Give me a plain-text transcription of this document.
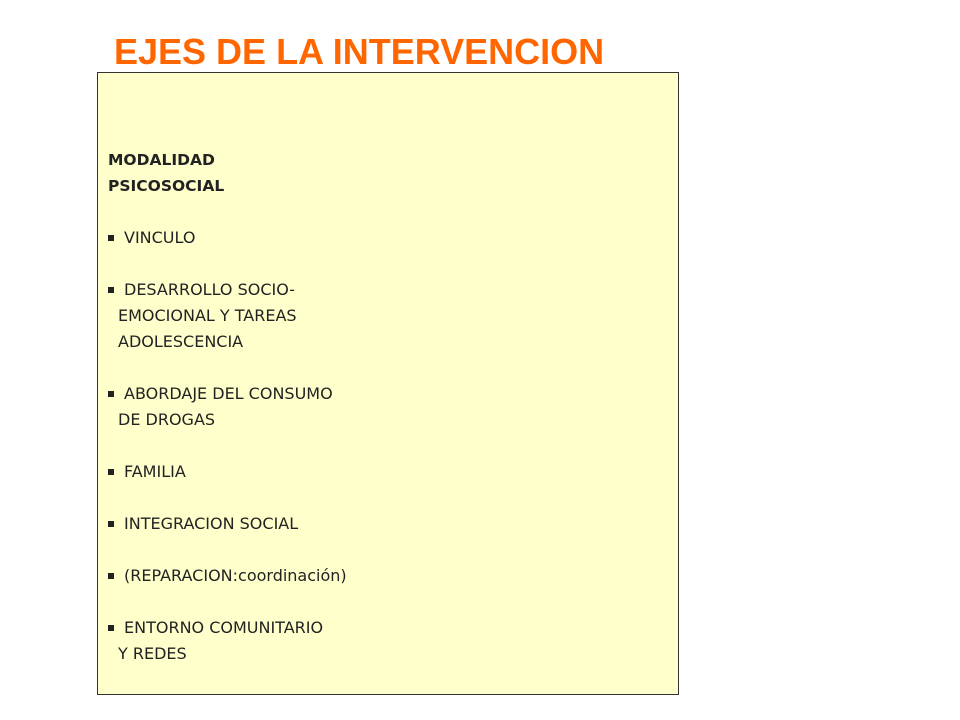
EJES DE LA INTERVENCION

MODALIDAD

PSICOSOCIAL

VINCULO
DESARROLLO SOCIO-
EMOCIONAL Y TAREAS
ADOLESCENCIA
ABORDAJE DEL CONSUMO
DE DROGAS
FAMILIA
INTEGRACION SOCIAL
(REPARACION:coordinación)
ENTORNO COMUNITARIO
Y REDES
